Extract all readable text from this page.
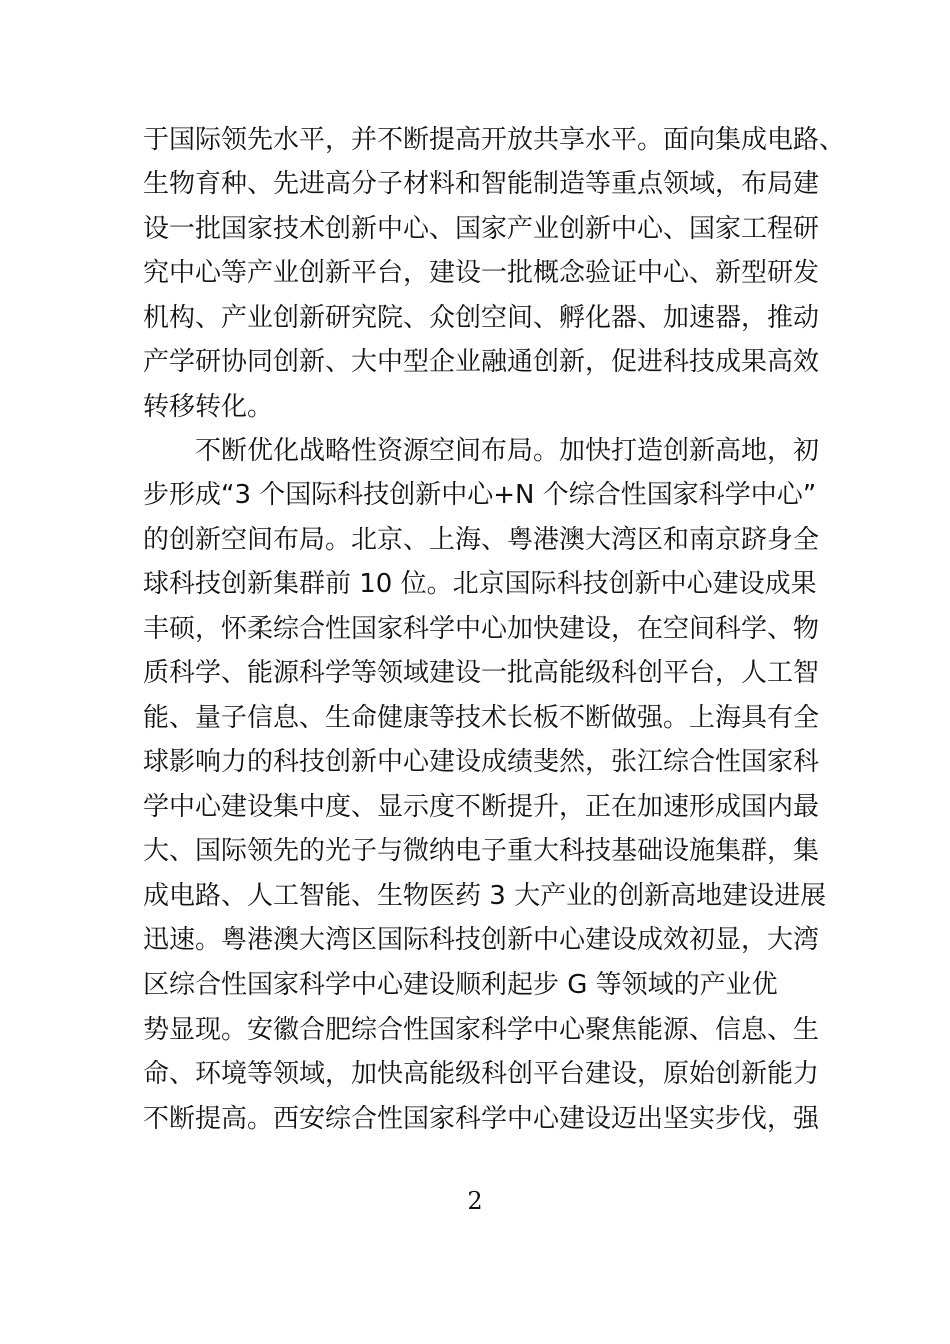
于国际领先水平，并不断提高开放共享水平。面向集成电路、
生物育种、先进高分子材料和智能制造等重点领域，布局建
设一批国家技术创新中心、国家产业创新中心、国家工程研
究中心等产业创新平台，建设一批概念验证中心、新型研发
机构、产业创新研究院、众创空间、孵化器、加速器，推动
产学研协同创新、大中型企业融通创新，促进科技成果高效
转移转化。
不断优化战略性资源空间布局。加快打造创新高地，初
步形成“3 个国际科技创新中心+N 个综合性国家科学中心”
的创新空间布局。北京、上海、粤港澳大湾区和南京跻身全
球科技创新集群前 10 位。北京国际科技创新中心建设成果
丰硕，怀柔综合性国家科学中心加快建设，在空间科学、物
质科学、能源科学等领域建设一批高能级科创平台，人工智
能、量子信息、生命健康等技术长板不断做强。上海具有全
球影响力的科技创新中心建设成绩斐然，张江综合性国家科
学中心建设集中度、显示度不断提升，正在加速形成国内最
大、国际领先的光子与微纳电子重大科技基础设施集群，集
成电路、人工智能、生物医药 3 大产业的创新高地建设进展
迅速。粤港澳大湾区国际科技创新中心建设成效初显，大湾
区综合性国家科学中心建设顺利起步 G 等领域的产业优
势显现。安徽合肥综合性国家科学中心聚焦能源、信息、生
命、环境等领域，加快高能级科创平台建设，原始创新能力
不断提高。西安综合性国家科学中心建设迈出坚实步伐，强
2
